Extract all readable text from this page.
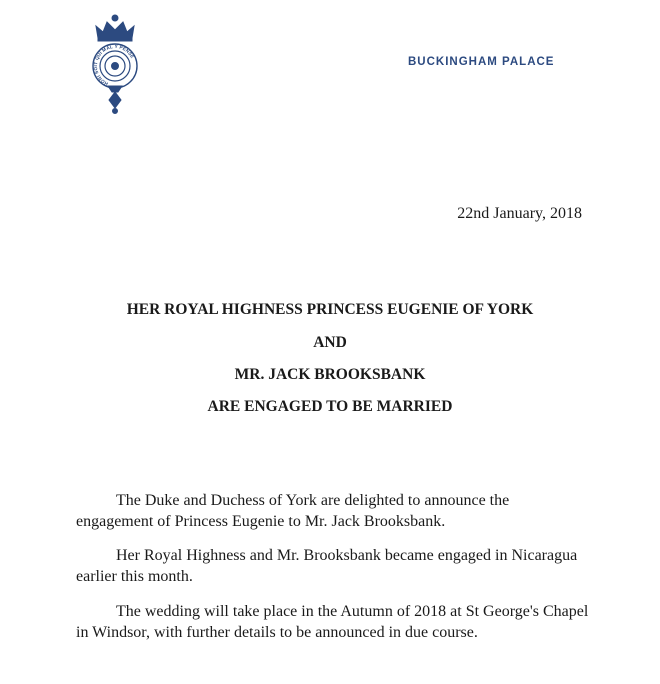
HONI SOIT QUI MAL Y PENSE	BUCKINGHAM PALACE
22nd January, 2018
HER ROYAL HIGHNESS PRINCESS EUGENIE OF YORK
AND
MR. JACK BROOKSBANK
ARE ENGAGED TO BE MARRIED
The Duke and Duchess of York are delighted to announce the
engagement of Princess Eugenie to Mr. Jack Brooksbank.
Her Royal Highness and Mr. Brooksbank became engaged in Nicaragua
earlier this month.
The wedding will take place in the Autumn of 2018 at St George's Chapel
in Windsor, with further details to be announced in due course.
